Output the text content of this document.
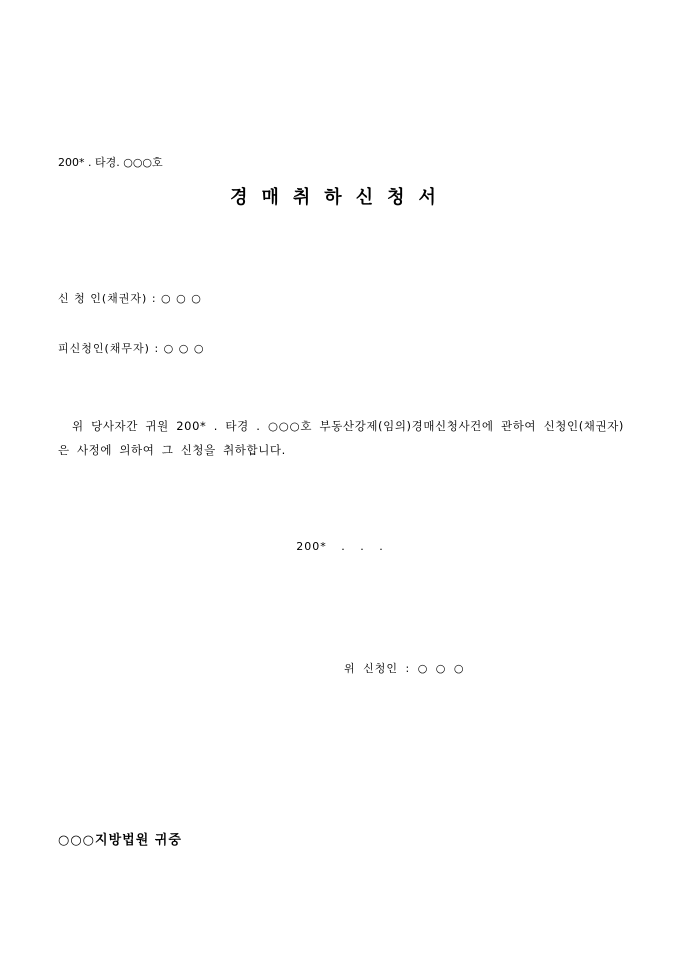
200* . 타경. ○○○호
경매취하신청서
신 청 인(채권자) : ○ ○ ○
피신청인(채무자) : ○ ○ ○
위 당사자간 귀원 200* . 타경 . ○○○호 부동산강제(임의)경매신청사건에 관하여 신청인(채권자)은 사정에 의하여 그 신청을 취하합니다.
200* . . .
위 신청인 : ○ ○ ○
○○○지방법원 귀중
